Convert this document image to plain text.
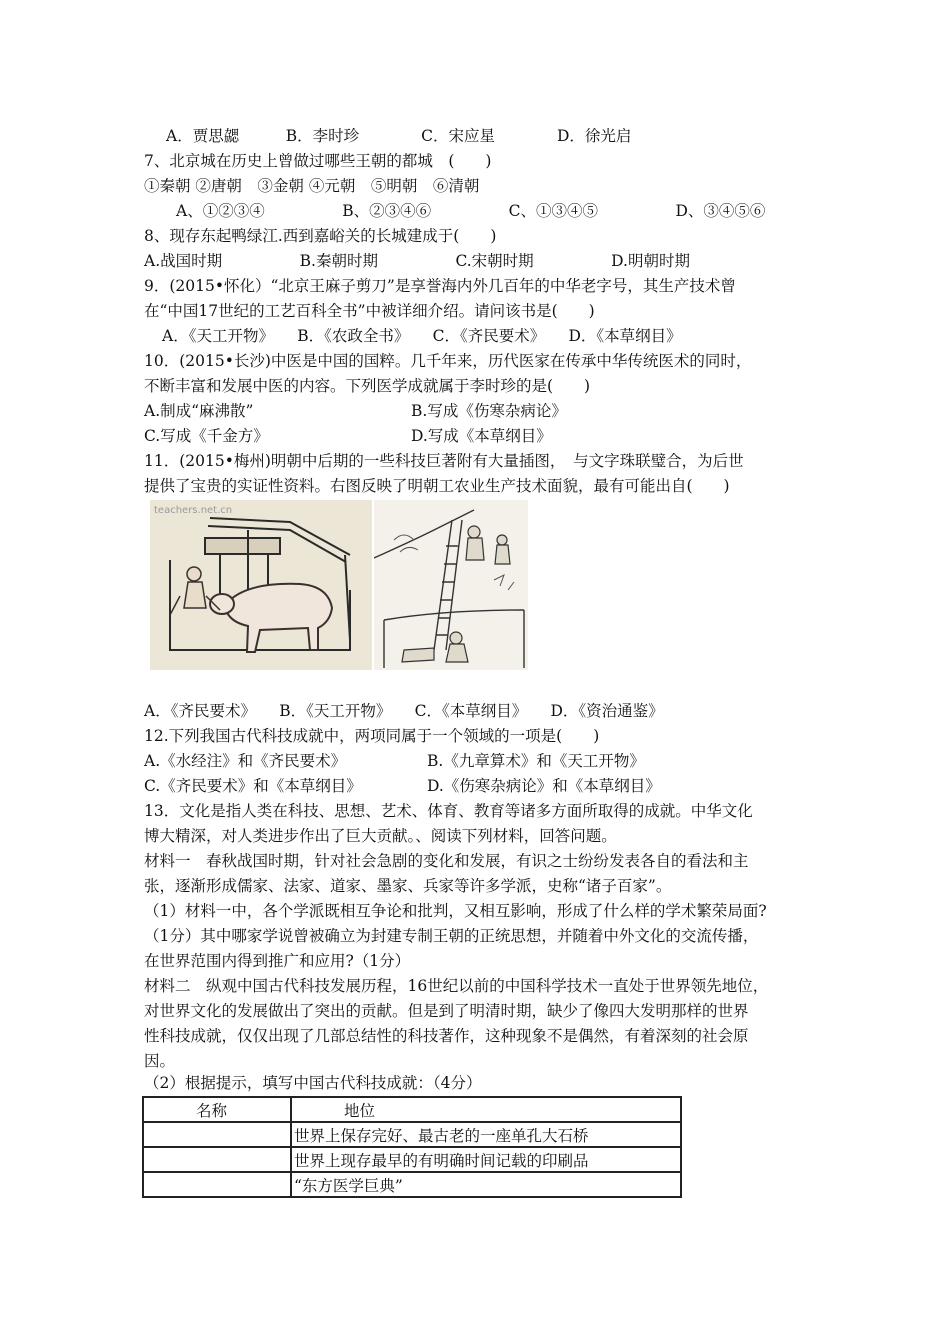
A．贾思勰　　　B．李时珍　　　　C．宋应星　　　　D．徐光启
7、北京城在历史上曾做过哪些王朝的都城　(　　)
①秦朝 ②唐朝　③金朝 ④元朝　⑤明朝　⑥清朝
A、①②③④　　　　　B、②③④⑥　　　　　C、①③④⑤　　　　　D、③④⑤⑥
8、现存东起鸭绿江.西到嘉峪关的长城建成于(　　)
A.战国时期　　　　　B.秦朝时期　　　　　C.宋朝时期　　　　　D.明朝时期
9．(2015•怀化）“北京王麻子剪刀”是享誉海内外几百年的中华老字号，其生产技术曾
在“中国17世纪的工艺百科全书”中被详细介绍。请问该书是(　　)
A．《天工开物》　　B．《农政全书》　　C．《齐民要术》　　D．《本草纲目》
10．(2015•长沙)中医是中国的国粹。几千年来，历代医家在传承中华传统医术的同时，
不断丰富和发展中医的内容。下列医学成就属于李时珍的是(　　)
A.制成“麻沸散”	B.写成《伤寒杂病论》
C.写成《千金方》	D.写成《本草纲目》
11．(2015•梅州)明朝中后期的一些科技巨著附有大量插图，　与文字珠联璧合，为后世
提供了宝贵的实证性资料。右图反映了明朝工农业生产技术面貌，最有可能出自(　　)
teachers.net.cn
A．《齐民要术》　　B．《天工开物》　　C．《本草纲目》　　D．《资治通鉴》
12.下列我国古代科技成就中，两项同属于一个领域的一项是(　　)
A.《水经注》和《齐民要术》	B.《九章算术》和《天工开物》
C.《齐民要术》和《本草纲目》	D.《伤寒杂病论》和《本草纲目》
13．文化是指人类在科技、思想、艺术、体育、教育等诸多方面所取得的成就。中华文化
博大精深，对人类进步作出了巨大贡献。、阅读下列材料，回答问题。
材料一　春秋战国时期，针对社会急剧的变化和发展，有识之士纷纷发表各自的看法和主
张，逐渐形成儒家、法家、道家、墨家、兵家等许多学派，史称“诸子百家”。
（1）材料一中，各个学派既相互争论和批判，又相互影响，形成了什么样的学术繁荣局面?
（1分）其中哪家学说曾被确立为封建专制王朝的正统思想，并随着中外文化的交流传播，
在世界范围内得到推广和应用?（1分）
材料二　纵观中国古代科技发展历程，16世纪以前的中国科学技术一直处于世界领先地位，
对世界文化的发展做出了突出的贡献。但是到了明清时期，缺少了像四大发明那样的世界
性科技成就，仅仅出现了几部总结性的科技著作，这种现象不是偶然，有着深刻的社会原
因。
（2）根据提示，填写中国古代科技成就：（4分）
名称	地位
	世界上保存完好、最古老的一座单孔大石桥
	世界上现存最早的有明确时间记载的印刷品
	“东方医学巨典”
